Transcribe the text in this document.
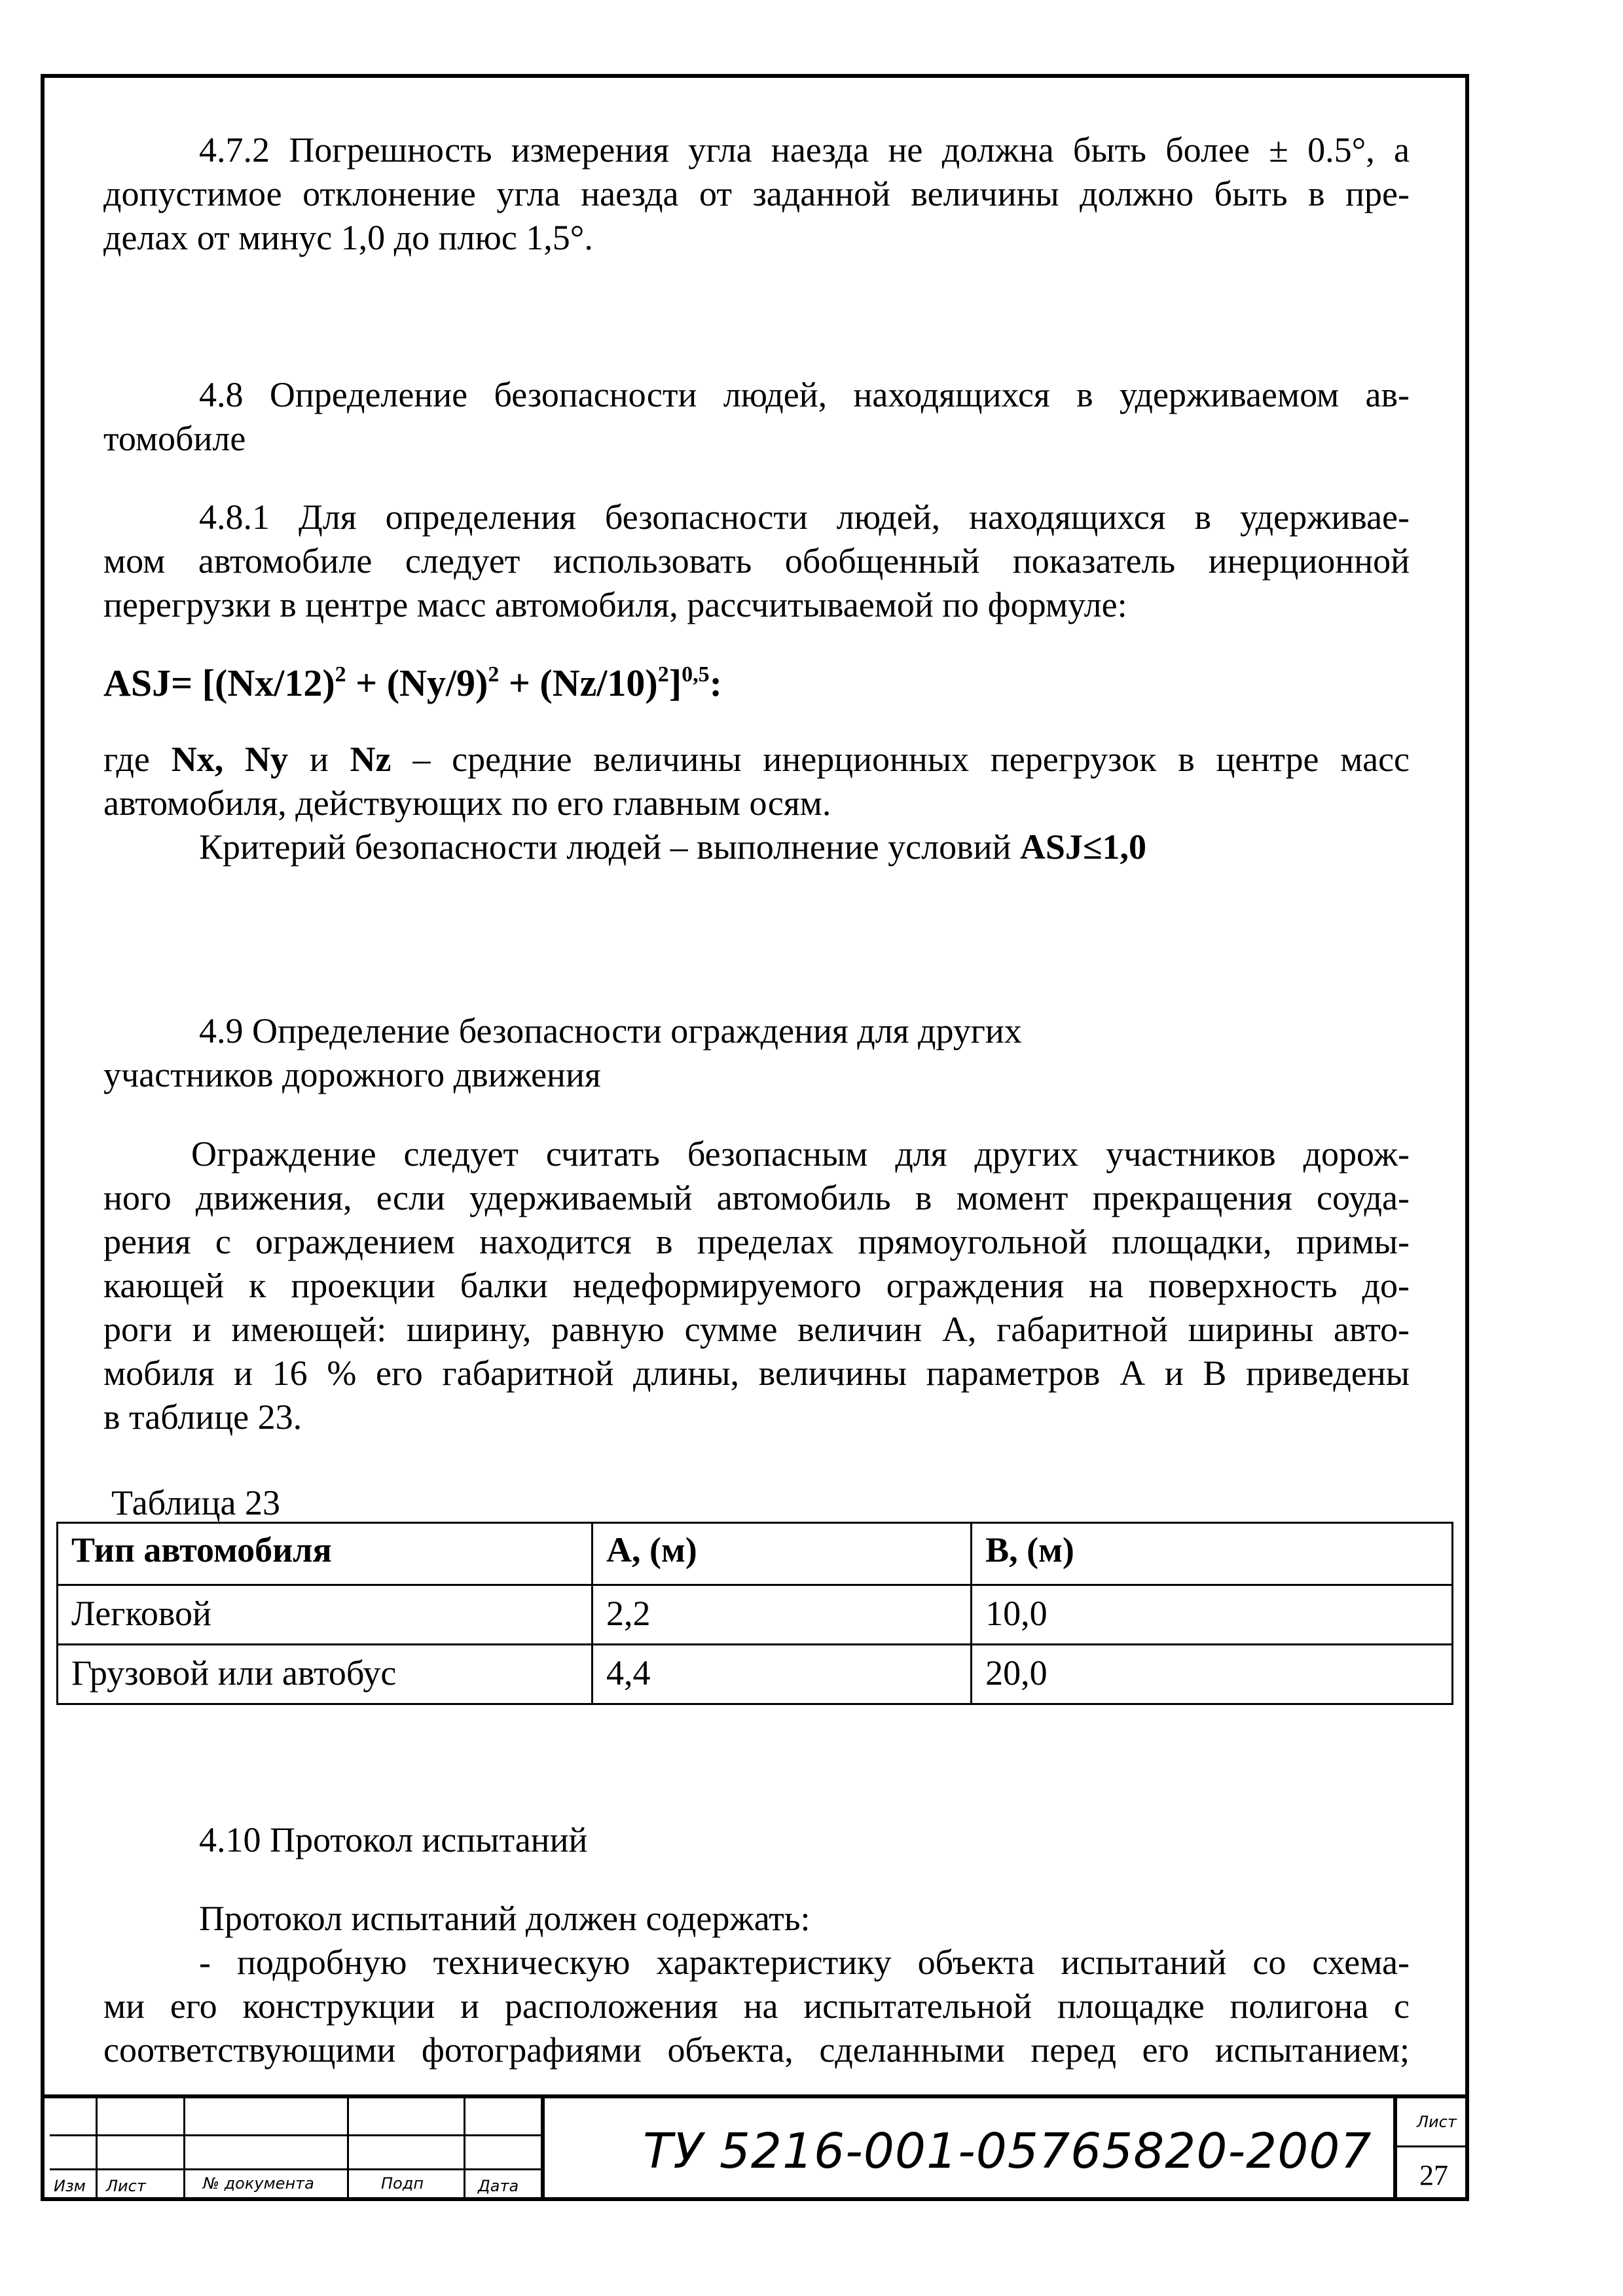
4.7.2 Погрешность измерения угла наезда не должна быть более ± 0.5°, а
допустимое отклонение угла наезда от заданной величины должно быть в пре-
делах от минус 1,0 до плюс 1,5°.
4.8 Определение безопасности людей, находящихся в удерживаемом ав-
томобиле
4.8.1 Для определения безопасности людей, находящихся в удерживае-
мом автомобиле следует использовать обобщенный показатель инерционной
перегрузки в центре масс автомобиля, рассчитываемой по формуле:
$ASJ= [(Nx/12)^2 + (Ny/9)^2 + (Nz/10)^2]^{0,5}$:
где Nx, Ny и Nz – средние величины инерционных перегрузок в центре масс
автомобиля, действующих по его главным осям.
Критерий безопасности людей – выполнение условий ASJ≤1,0
4.9 Определение безопасности ограждения для других
участников дорожного движения
Ограждение следует считать безопасным для других участников дорож-
ного движения, если удерживаемый автомобиль в момент прекращения соуда-
рения с ограждением находится в пределах прямоугольной площадки, примы-
кающей к проекции балки недеформируемого ограждения на поверхность до-
роги и имеющей: ширину, равную сумме величин А, габаритной ширины авто-
мобиля и 16 % его габаритной длины, величины параметров А и В приведены
в таблице 23.
Таблица 23
Тип автомобиля	А, (м)	В, (м)
Легковой	2,2	10,0
Грузовой или автобус	4,4	20,0
4.10 Протокол испытаний
Протокол испытаний должен содержать:
- подробную техническую характеристику объекта испытаний со схема-
ми его конструкции и расположения на испытательной площадке полигона с
соответствующими фотографиями объекта, сделанными перед его испытанием;
Изм Лист	№ документа	Подп	Дата
ТУ 5216-001-05765820-2007
Лист
27
